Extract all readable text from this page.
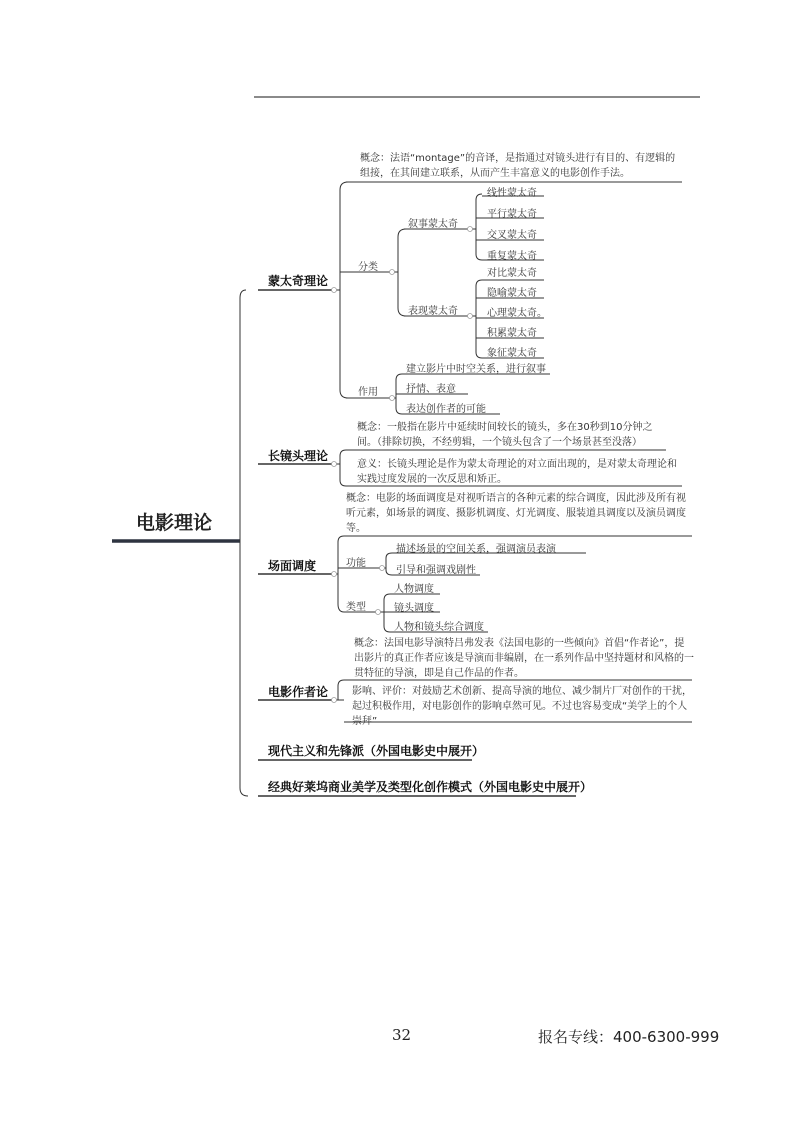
电影理论
蒙太奇理论
长镜头理论
场面调度
电影作者论
现代主义和先锋派（外国电影史中展开）
经典好莱坞商业美学及类型化创作模式（外国电影史中展开）
概念：法语“montage”的音译，是指通过对镜头进行有目的、有逻辑的组接，在其间建立联系，从而产生丰富意义的电影创作手法。
分类
叙事蒙太奇
表现蒙太奇
线性蒙太奇
平行蒙太奇
交叉蒙太奇
重复蒙太奇
对比蒙太奇
隐喻蒙太奇
心理蒙太奇。
积累蒙太奇
象征蒙太奇
作用
建立影片中时空关系，进行叙事
抒情、表意
表达创作者的可能
概念：一般指在影片中延续时间较长的镜头，多在30秒到10分钟之间。（排除切换，不经剪辑，一个镜头包含了一个场景甚至没落）
意义：长镜头理论是作为蒙太奇理论的对立面出现的，是对蒙太奇理论和实践过度发展的一次反思和矫正。
概念：电影的场面调度是对视听语言的各种元素的综合调度，因此涉及所有视听元素，如场景的调度、摄影机调度、灯光调度、服装道具调度以及演员调度等。
功能
描述场景的空间关系，强调演员表演
引导和强调戏剧性
类型
人物调度
镜头调度
人物和镜头综合调度
概念：法国电影导演特吕弗发表《法国电影的一些倾向》首倡“作者论”，提出影片的真正作者应该是导演而非编剧，在一系列作品中坚持题材和风格的一贯特征的导演，即是自己作品的作者。
影响、评价：对鼓励艺术创新、提高导演的地位、减少制片厂对创作的干扰，起过积极作用，对电影创作的影响卓然可见。不过也容易变成“美学上的个人崇拜”
32	报名专线：400-6300-999
